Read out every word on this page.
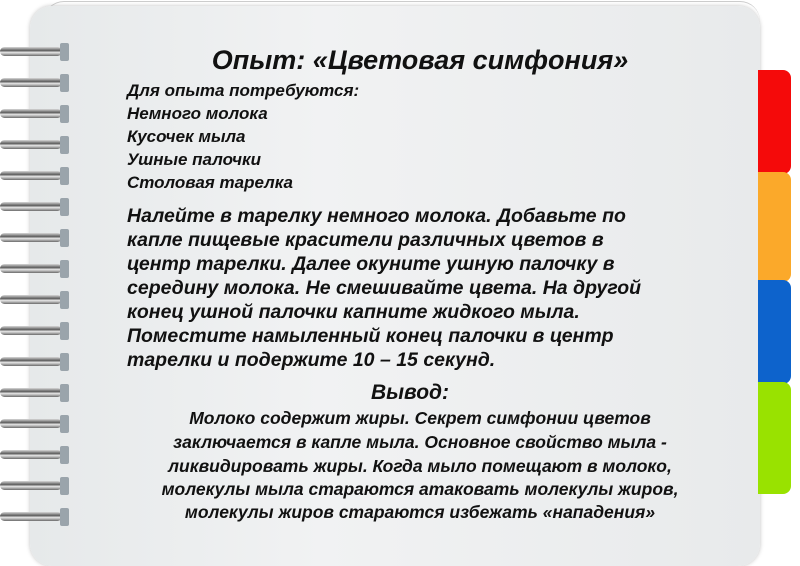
Опыт: «Цветовая симфония»
Для опыта потребуются:
Немного молока
Кусочек мыла
Ушные палочки
Столовая тарелка
Налейте в тарелку немного молока. Добавьте по
капле пищевые красители различных цветов в
центр тарелки. Далее окуните ушную палочку в
середину молока. Не смешивайте цвета. На другой
конец ушной палочки капните жидкого мыла.
Поместите намыленный конец палочки в центр
тарелки и подержите 10 – 15 секунд.
Вывод:
Молоко содержит жиры. Секрет симфонии цветов
заключается в капле мыла. Основное свойство мыла -
ликвидировать жиры. Когда мыло помещают в молоко,
молекулы мыла стараются атаковать молекулы жиров,
молекулы жиров стараются избежать «нападения»
